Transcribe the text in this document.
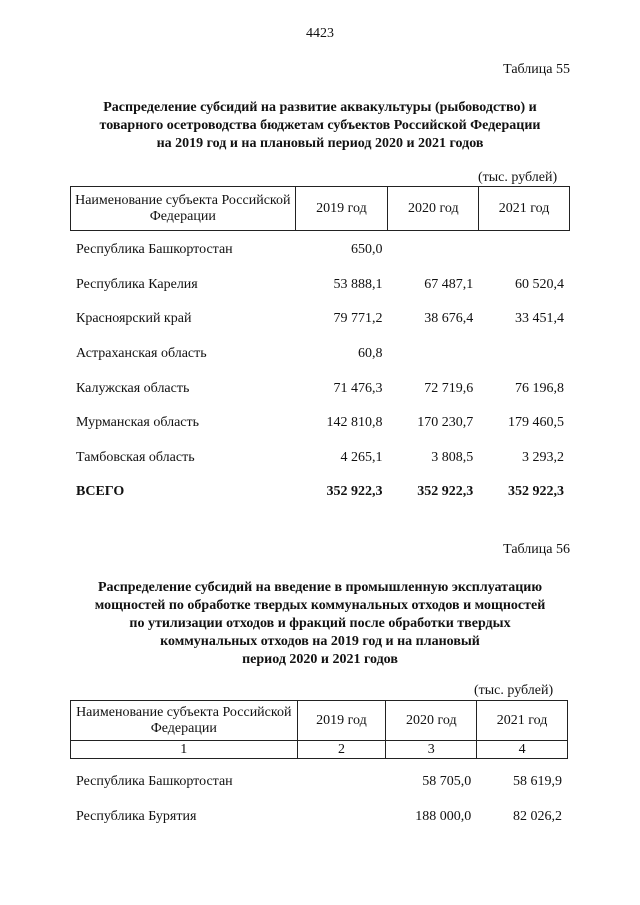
4423
Таблица 55
Распределение субсидий на развитие аквакультуры (рыбоводство) и
товарного осетроводства бюджетам субъектов Российской Федерации
на 2019 год и на плановый период 2020 и 2021 годов
(тыс. рублей)
Наименование субъекта Российской Федерации	2019 год	2020 год	2021 год
Республика Башкортостан	650,0		
Республика Карелия	53 888,1	67 487,1	60 520,4
Красноярский край	79 771,2	38 676,4	33 451,4
Астраханская область	60,8		
Калужская область	71 476,3	72 719,6	76 196,8
Мурманская область	142 810,8	170 230,7	179 460,5
Тамбовская область	4 265,1	3 808,5	3 293,2
ВСЕГО	352 922,3	352 922,3	352 922,3
Таблица 56
Распределение субсидий на введение в промышленную эксплуатацию
мощностей по обработке твердых коммунальных отходов и мощностей
по утилизации отходов и фракций после обработки твердых
коммунальных отходов на 2019 год и на плановый
период 2020 и 2021 годов
(тыс. рублей)
Наименование субъекта Российской Федерации	2019 год	2020 год	2021 год
1	2	3	4
Республика Башкортостан		58 705,0	58 619,9
Республика Бурятия		188 000,0	82 026,2
